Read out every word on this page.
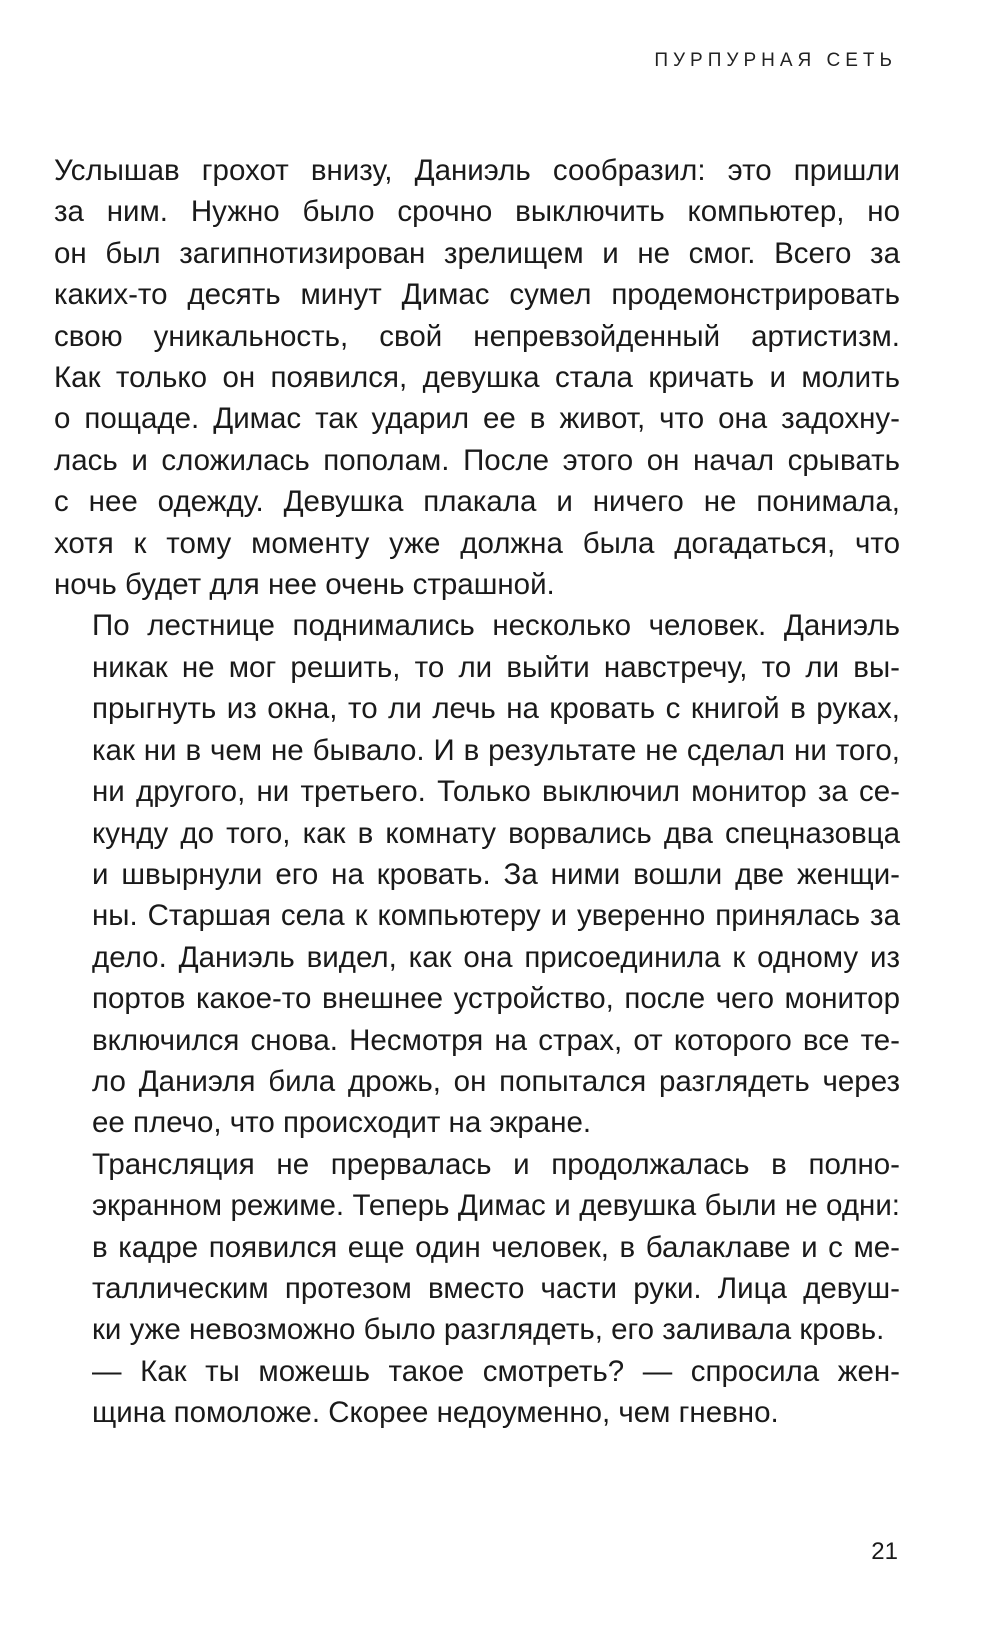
ПУРПУРНАЯ СЕТЬ
Услышав грохот внизу, Даниэль сообразил: это пришли
за ним. Нужно было срочно выключить компьютер, но
он был загипнотизирован зрелищем и не смог. Всего за
каких-то десять минут Димас сумел продемонстрировать
свою уникальность, свой непревзойденный артистизм.
Как только он появился, девушка стала кричать и молить
о пощаде. Димас так ударил ее в живот, что она задохну-
лась и сложилась пополам. После этого он начал срывать
с нее одежду. Девушка плакала и ничего не понимала,
хотя к тому моменту уже должна была догадаться, что
ночь будет для нее очень страшной.
По лестнице поднимались несколько человек. Даниэль
никак не мог решить, то ли выйти навстречу, то ли вы-
прыгнуть из окна, то ли лечь на кровать с книгой в руках,
как ни в чем не бывало. И в результате не сделал ни того,
ни другого, ни третьего. Только выключил монитор за се-
кунду до того, как в комнату ворвались два спецназовца
и швырнули его на кровать. За ними вошли две женщи-
ны. Старшая села к компьютеру и уверенно принялась за
дело. Даниэль видел, как она присоединила к одному из
портов какое-то внешнее устройство, после чего монитор
включился снова. Несмотря на страх, от которого все те-
ло Даниэля била дрожь, он попытался разглядеть через
ее плечо, что происходит на экране.
Трансляция не прервалась и продолжалась в полно-
экранном режиме. Теперь Димас и девушка были не одни:
в кадре появился еще один человек, в балаклаве и с ме-
таллическим протезом вместо части руки. Лица девуш-
ки уже невозможно было разглядеть, его заливала кровь.
— Как ты можешь такое смотреть? — спросила жен-
щина помоложе. Скорее недоуменно, чем гневно.
21
